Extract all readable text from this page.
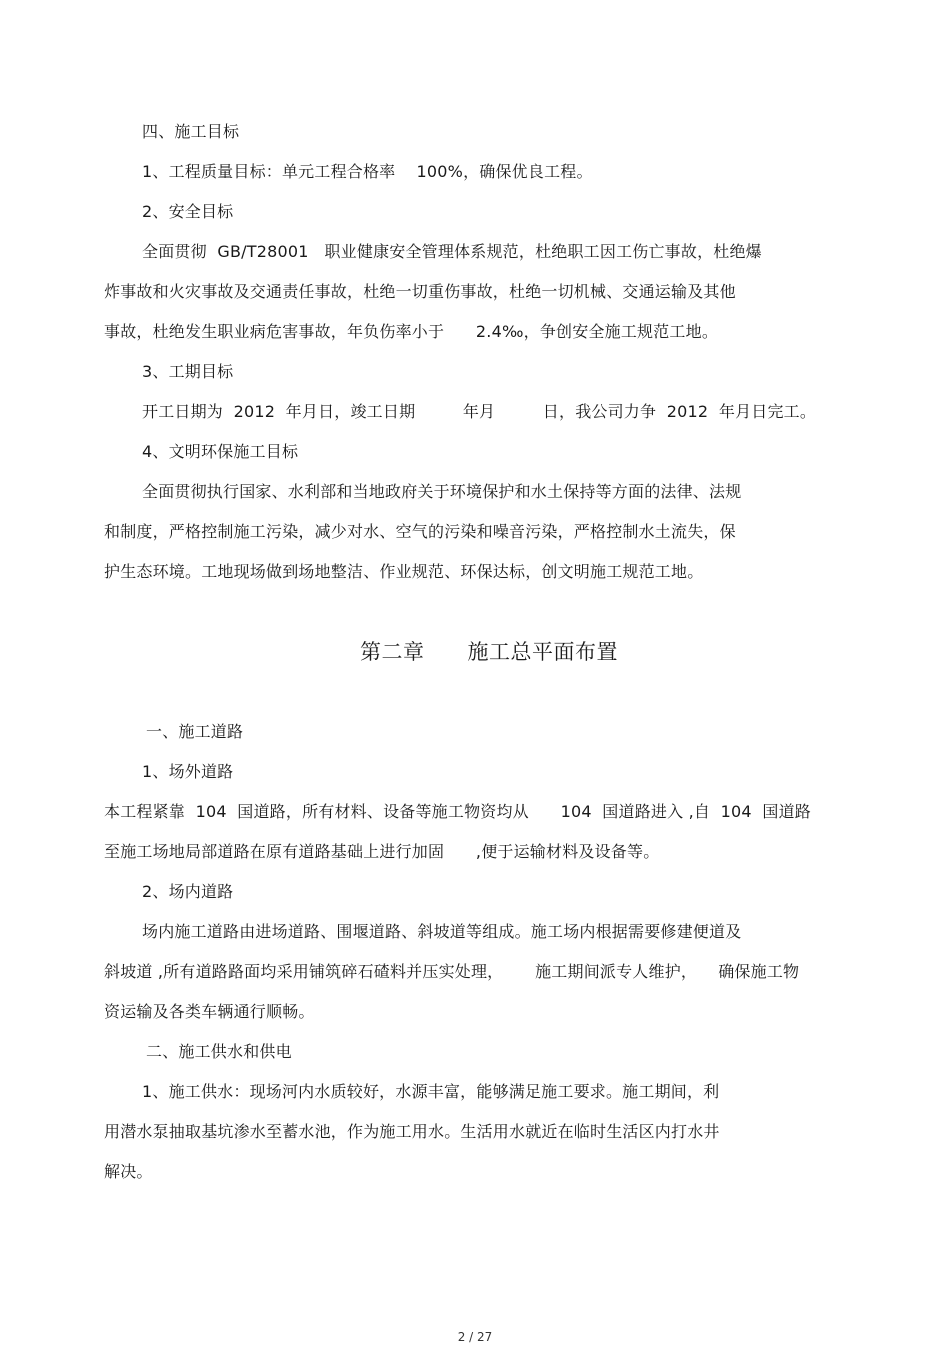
四、施工目标
1、工程质量目标：单元工程合格率    100%，确保优良工程。
2、安全目标
全面贯彻  GB/T28001   职业健康安全管理体系规范，杜绝职工因工伤亡事故，杜绝爆
炸事故和火灾事故及交通责任事故，杜绝一切重伤事故，杜绝一切机械、交通运输及其他
事故，杜绝发生职业病危害事故，年负伤率小于      2.4‰，争创安全施工规范工地。
3、工期目标
开工日期为  2012  年月日，竣工日期         年月         日，我公司力争  2012  年月日完工。
4、文明环保施工目标
全面贯彻执行国家、水利部和当地政府关于环境保护和水土保持等方面的法律、法规
和制度，严格控制施工污染，减少对水、空气的污染和噪音污染，严格控制水土流失，保
护生态环境。工地现场做到场地整洁、作业规范、环保达标，创文明施工规范工地。
第二章      施工总平面布置
一、施工道路
1、场外道路
本工程紧靠  104  国道路，所有材料、设备等施工物资均从      104  国道路进入 ,自  104  国道路
至施工场地局部道路在原有道路基础上进行加固      ,便于运输材料及设备等。
2、场内道路
场内施工道路由进场道路、围堰道路、斜坡道等组成。施工场内根据需要修建便道及
斜坡道 ,所有道路路面均采用铺筑碎石碴料并压实处理，      施工期间派专人维护，    确保施工物
资运输及各类车辆通行顺畅。
二、施工供水和供电
1、施工供水：现场河内水质较好，水源丰富，能够满足施工要求。施工期间，利
用潜水泵抽取基坑渗水至蓄水池，作为施工用水。生活用水就近在临时生活区内打水井
解决。
2 / 27
